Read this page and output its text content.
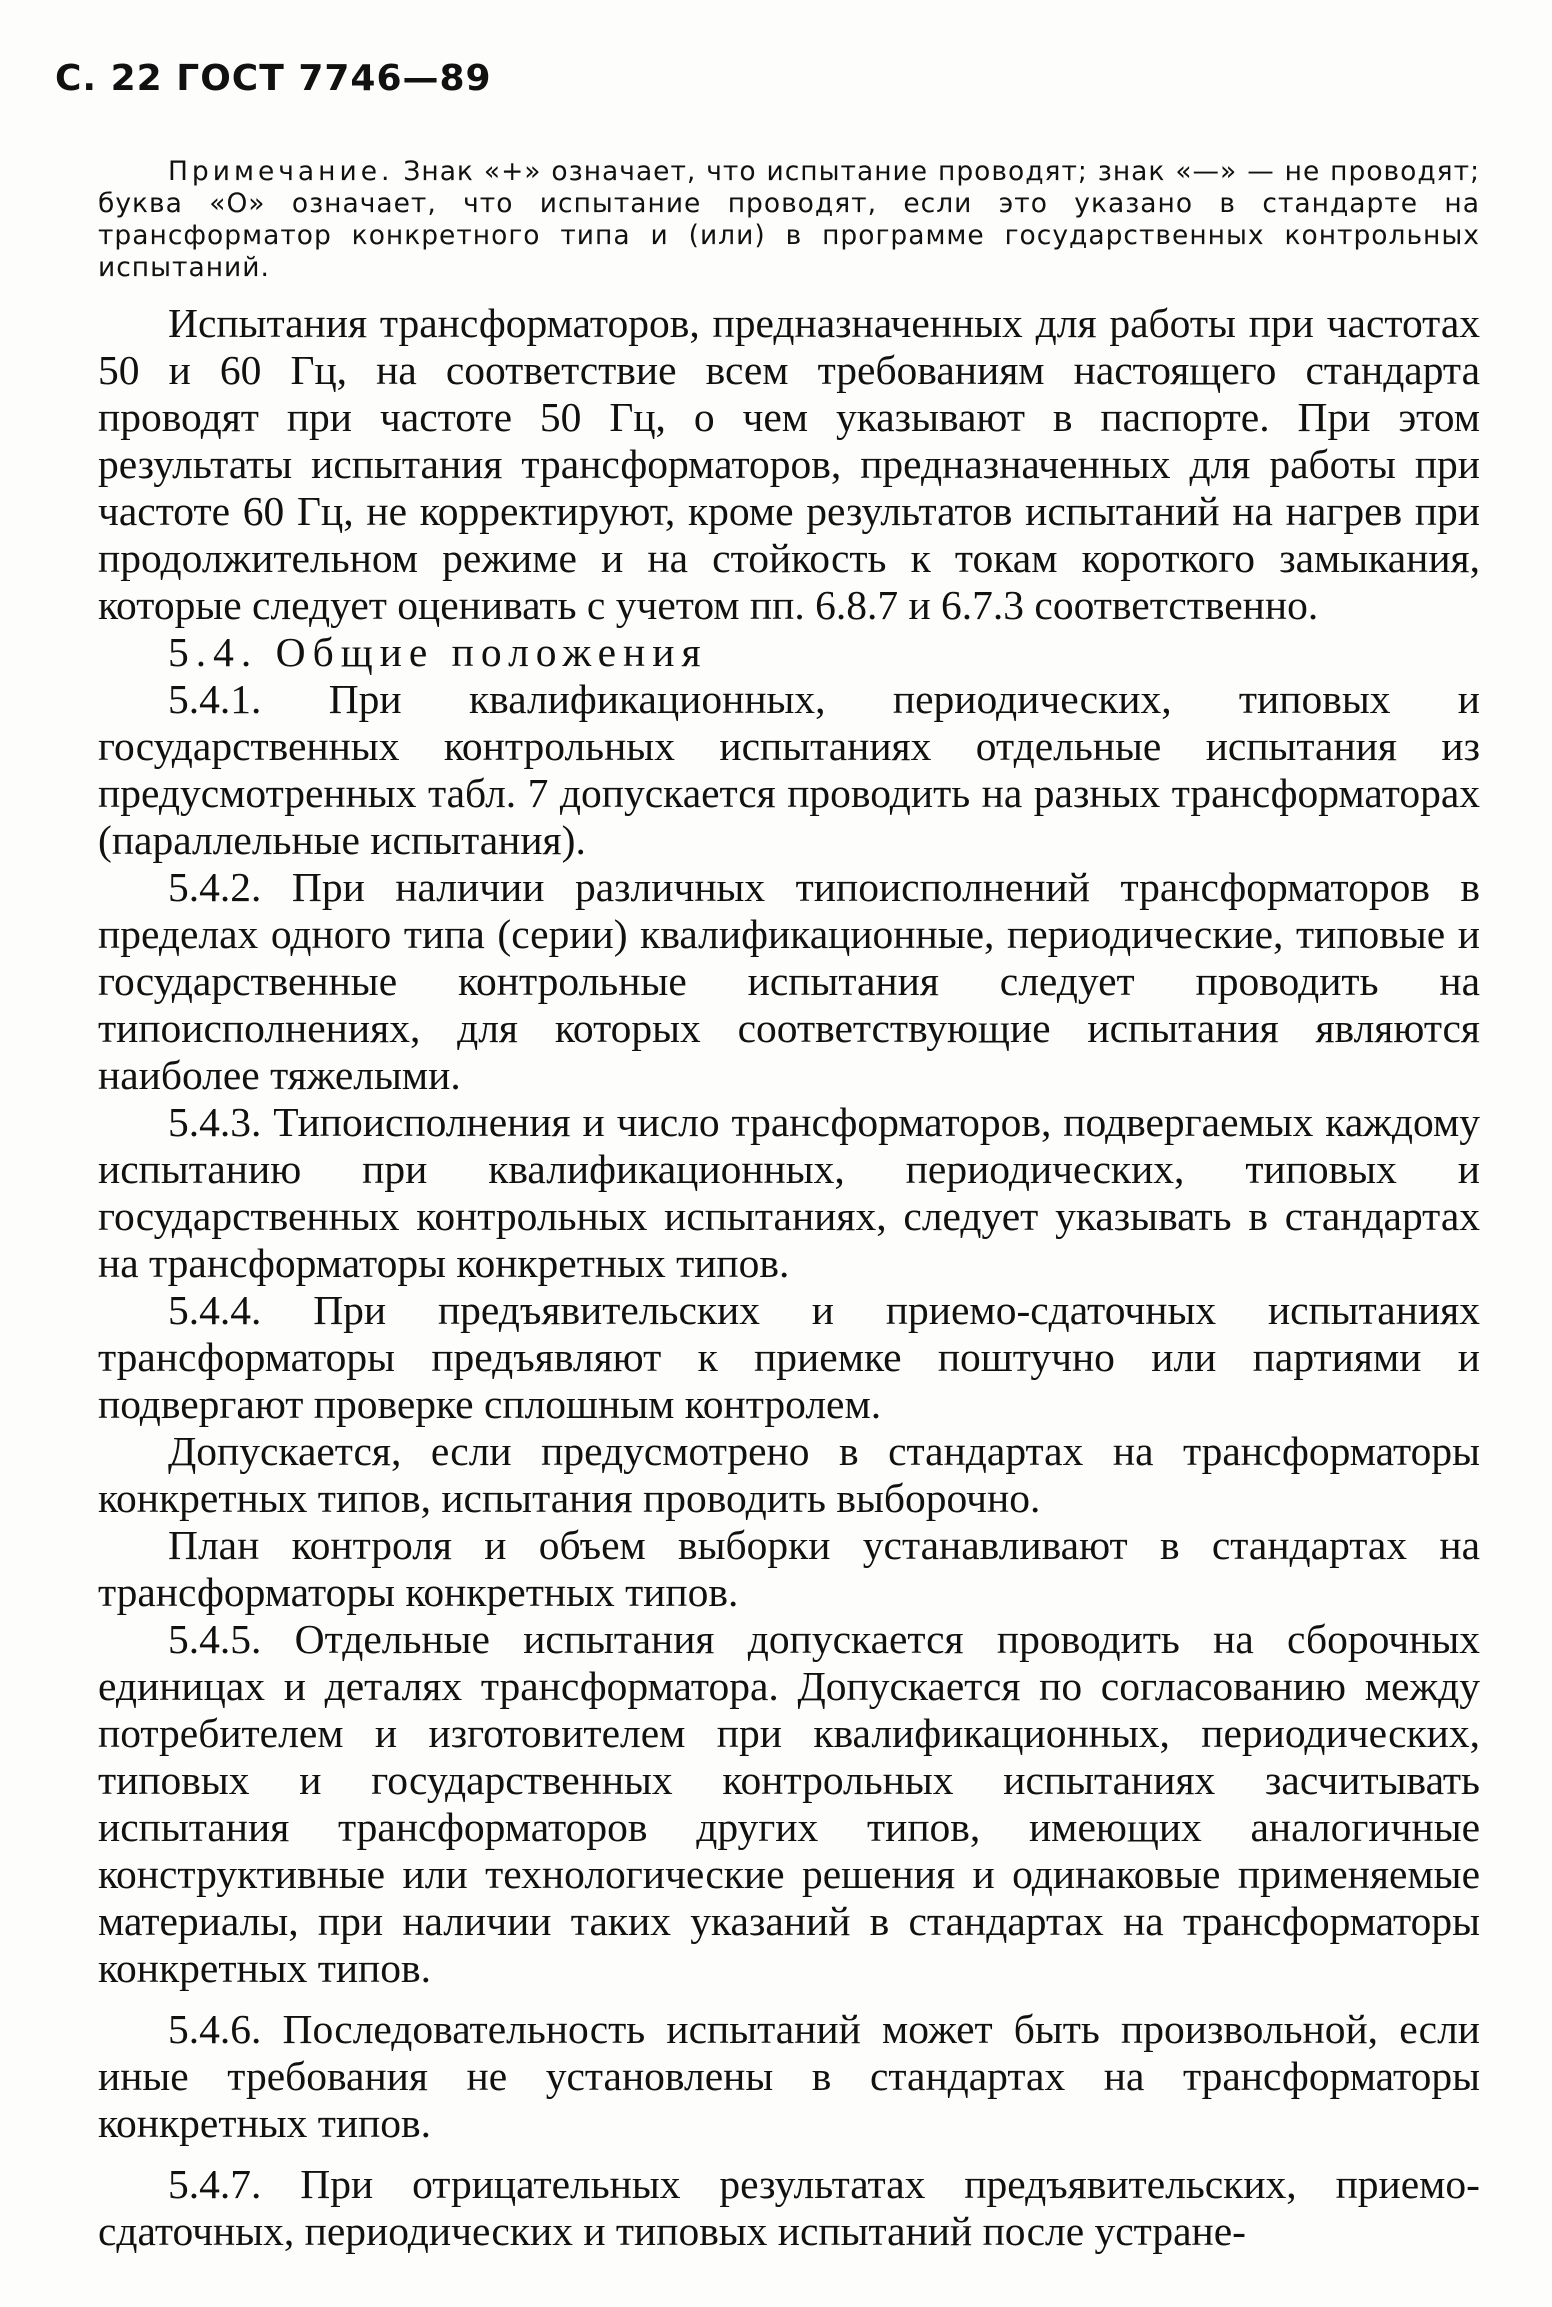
С. 22 ГОСТ 7746—89
Примечание. Знак «+» означает, что испытание проводят; знак «—» — не проводят; буква «О» означает, что испытание проводят, если это указано в стандарте на трансформатор конкретного типа и (или) в программе государственных контрольных испытаний.

Испытания трансформаторов, предназначенных для работы при частотах 50 и 60 Гц, на соответствие всем требованиям настоящего стандарта проводят при частоте 50 Гц, о чем указывают в паспорте. При этом результаты испытания трансформаторов, предназначенных для работы при частоте 60 Гц, не корректируют, кроме результатов испытаний на нагрев при продолжительном режиме и на стойкость к токам короткого замыкания, которые следует оценивать с учетом пп. 6.8.7 и 6.7.3 соответственно.

5.4. Общие положения

5.4.1. При квалификационных, периодических, типовых и государственных контрольных испытаниях отдельные испытания из предусмотренных табл. 7 допускается проводить на разных трансформаторах (параллельные испытания).

5.4.2. При наличии различных типоисполнений трансформаторов в пределах одного типа (серии) квалификационные, периодические, типовые и государственные контрольные испытания следует проводить на типоисполнениях, для которых соответствующие испытания являются наиболее тяжелыми.

5.4.3. Типоисполнения и число трансформаторов, подвергаемых каждому испытанию при квалификационных, периодических, типовых и государственных контрольных испытаниях, следует указывать в стандартах на трансформаторы конкретных типов.

5.4.4. При предъявительских и приемо-сдаточных испытаниях трансформаторы предъявляют к приемке поштучно или партиями и подвергают проверке сплошным контролем.

Допускается, если предусмотрено в стандартах на трансформаторы конкретных типов, испытания проводить выборочно.

План контроля и объем выборки устанавливают в стандартах на трансформаторы конкретных типов.

5.4.5. Отдельные испытания допускается проводить на сборочных единицах и деталях трансформатора. Допускается по согласованию между потребителем и изготовителем при квалификационных, периодических, типовых и государственных контрольных испытаниях засчитывать испытания трансформаторов других типов, имеющих аналогичные конструктивные или технологические решения и одинаковые применяемые материалы, при наличии таких указаний в стандартах на трансформаторы конкретных типов.

5.4.6. Последовательность испытаний может быть произвольной, если иные требования не установлены в стандартах на трансформаторы конкретных типов.

5.4.7. При отрицательных результатах предъявительских, приемо-сдаточных, периодических и типовых испытаний после устране-
